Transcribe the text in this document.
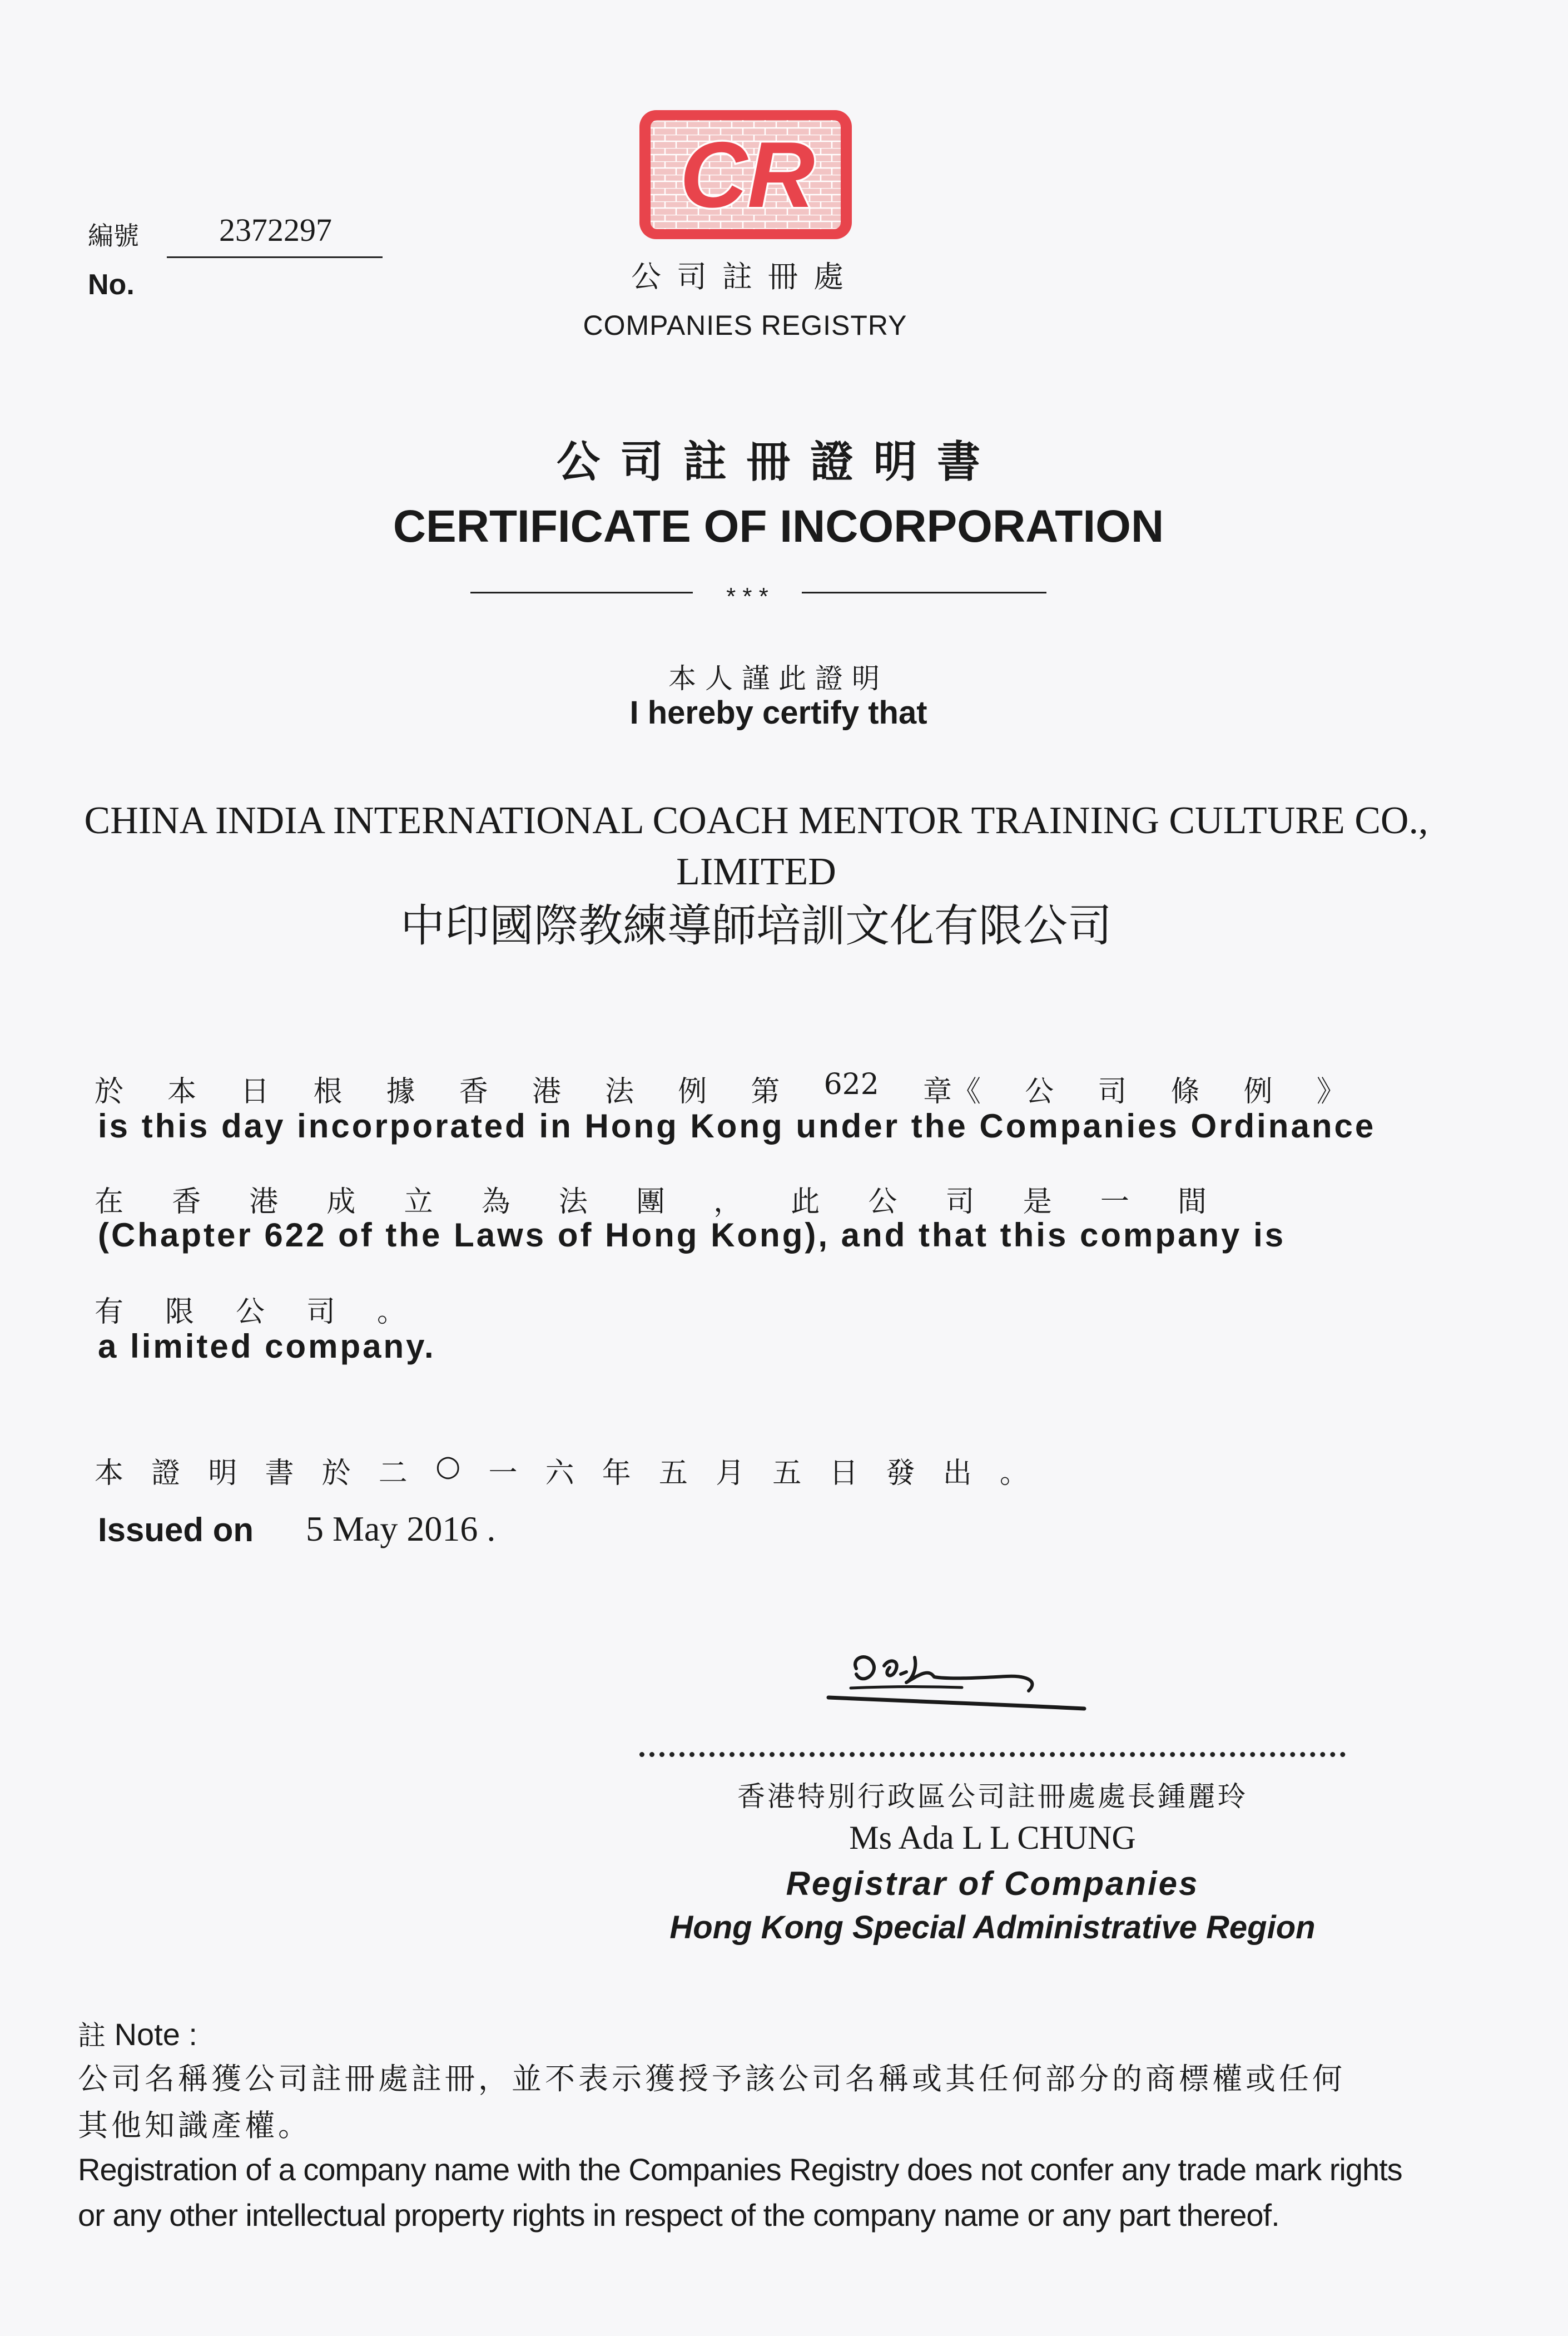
編號	2372297
No.
CR
公司註冊處
COMPANIES REGISTRY
公司註冊證明書
CERTIFICATE OF INCORPORATION
* * *
本人謹此證明
I hereby certify that
CHINA INDIA INTERNATIONAL COACH MENTOR TRAINING CULTURE CO.,
LIMITED
中印國際教練導師培訓文化有限公司
於 本 日 根 據 香 港 法 例 第 622 章《 公 司 條 例 》
is this day incorporated in Hong Kong under the Companies Ordinance
在 香 港 成 立 為 法 團 ， 此 公 司 是 一 間
(Chapter 622 of the Laws of Hong Kong), and that this company is
有 限 公 司 。
a limited company.
本 證 明 書 於 二 ○ 一 六 年 五 月 五 日 發 出 。
Issued on 5 May 2016 .
香港特別行政區公司註冊處處長鍾麗玲
Ms Ada L L CHUNG
Registrar of Companies
Hong Kong Special Administrative Region
註 Note :
公司名稱獲公司註冊處註冊，並不表示獲授予該公司名稱或其任何部分的商標權或任何
其他知識產權。
Registration of a company name with the Companies Registry does not confer any trade mark rights
or any other intellectual property rights in respect of the company name or any part thereof.
